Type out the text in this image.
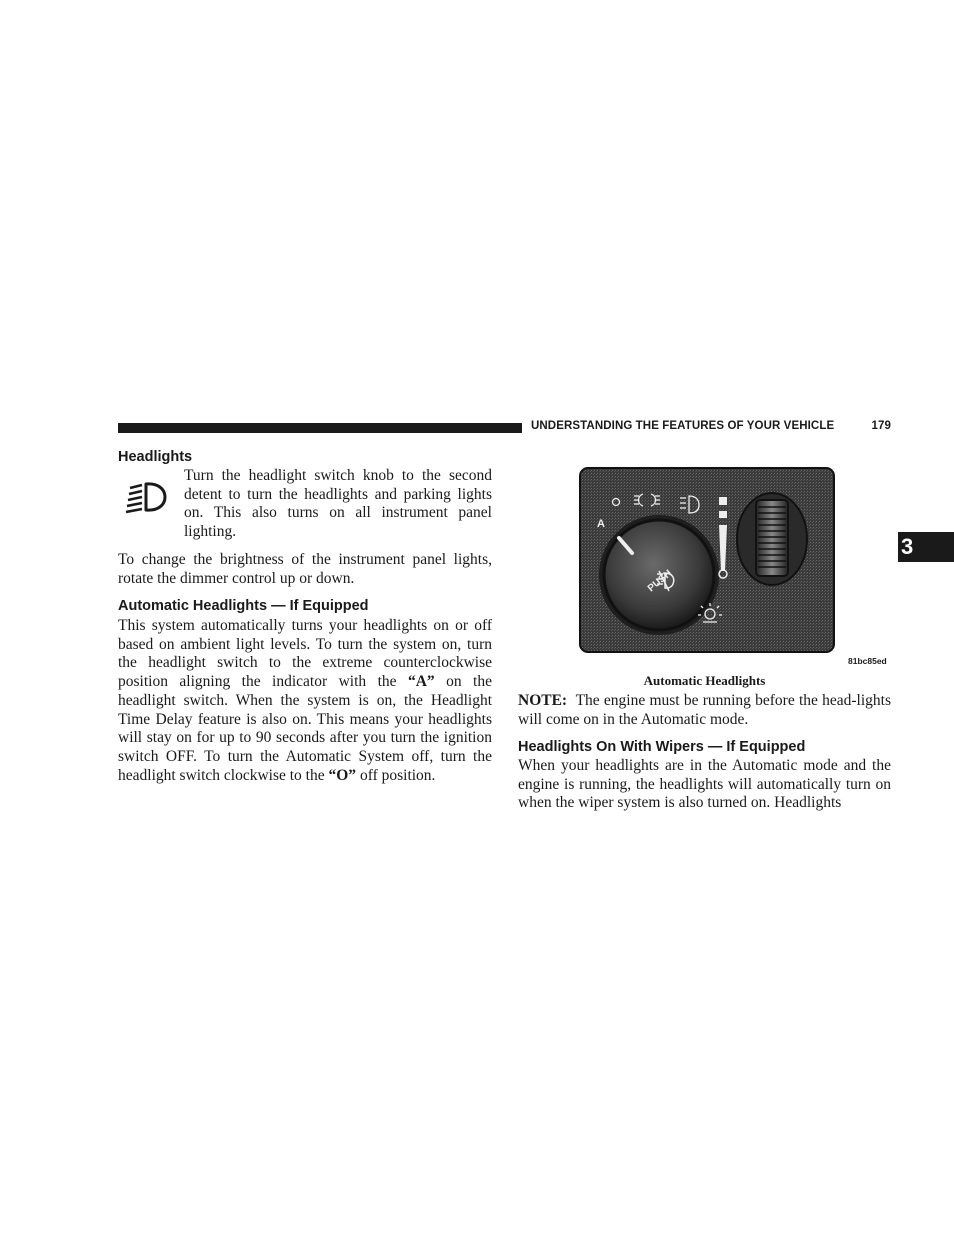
UNDERSTANDING THE FEATURES OF YOUR VEHICLE	179
3
Headlights

Turn the headlight switch knob to the second detent to turn the headlights and parking lights on. This also turns on all instrument panel lighting.

To change the brightness of the instrument panel lights, rotate the dimmer control up or down.

Automatic Headlights — If Equipped

This system automatically turns your headlights on or off based on ambient light levels. To turn the system on, turn the headlight switch to the extreme counterclockwise position aligning the indicator with the “A” on the headlight switch. When the system is on, the Headlight Time Delay feature is also on. This means your headlights will stay on for up to 90 seconds after you turn the ignition switch OFF. To turn the Automatic System off, turn the headlight switch clockwise to the “O” off position.

A
PUSH
81bc85ed
Automatic Headlights

NOTE: The engine must be running before the head-lights will come on in the Automatic mode.

Headlights On With Wipers — If Equipped

When your headlights are in the Automatic mode and the engine is running, the headlights will automatically turn on when the wiper system is also turned on. Headlights
